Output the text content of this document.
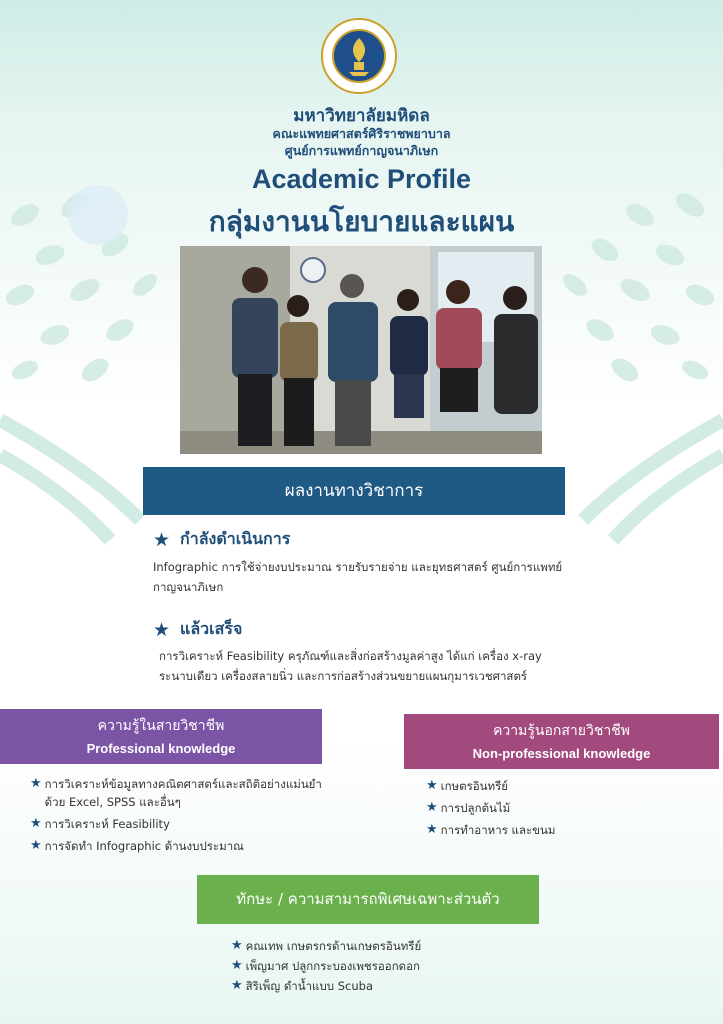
มหาวิทยาลัยมหิดล
คณะแพทยศาสตร์ศิริราชพยาบาล
ศูนย์การแพทย์กาญจนาภิเษก
Academic Profile
กลุ่มงานนโยบายและแผน
ผลงานทางวิชาการ
★ กำลังดำเนินการ
Infographic การใช้จ่ายงบประมาณ รายรับรายจ่าย และยุทธศาสตร์ ศูนย์การแพทย์กาญจนาภิเษก
★ แล้วเสร็จ
การวิเคราะห์ Feasibility ครุภัณฑ์และสิ่งก่อสร้างมูลค่าสูง ได้แก่ เครื่อง x-ray ระนาบเดียว เครื่องสลายนิ่ว และการก่อสร้างส่วนขยายแผนกุมารเวชศาสตร์
ความรู้ในสายวิชาชีพ
Professional knowledge
★ การวิเคราะห์ข้อมูลทางคณิตศาสตร์และสถิติอย่างแม่นยำ ด้วย Excel, SPSS และอื่นๆ
★ การวิเคราะห์ Feasibility
★ การจัดทำ Infographic ด้านงบประมาณ
ความรู้นอกสายวิชาชีพ
Non-professional knowledge
★ เกษตรอินทรีย์
★ การปลูกต้นไม้
★ การทำอาหาร และขนม
ทักษะ / ความสามารถพิเศษเฉพาะส่วนตัว
★ คณเทพ เกษตรกรด้านเกษตรอินทรีย์
★ เพ็ญมาศ ปลูกกระบองเพชรออกดอก
★ สิริเพ็ญ ดำน้ำแบบ Scuba
